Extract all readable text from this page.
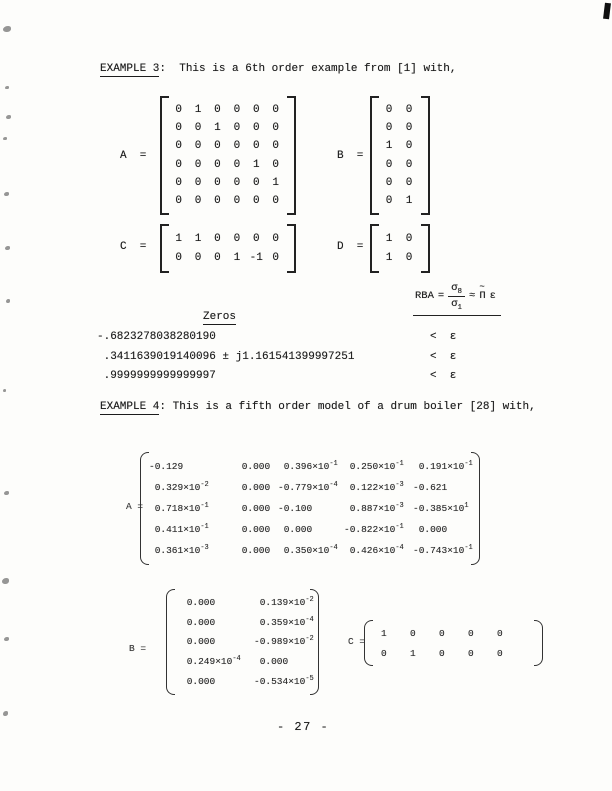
EXAMPLE 3:  This is a 6th order example from [1] with,
A  =
0 1 0 0 0 0
0 0 1 0 0 0
0 0 0 0 0 0
0 0 0 0 1 0
0 0 0 0 0 1
0 0 0 0 0 0
B  =
0 0
0 0
1 0
0 0
0 0
0 1
C  =
1 1 0 0 0 0
0 0 0 1 -1 0
D  =
1 0
1 0
RBA = $\frac{\sigma_8}{\sigma_1} \approx \Pi$
~
ε
Zeros
-.6823278038280190	<  ε
.3411639019140096 ± j1.161541399997251	<  ε
.9999999999999997	<  ε
EXAMPLE 4: This is a fifth order model of a drum boiler [28] with,
A =
-0.129	0.000 $0.396\times 10^{-1}$ $0.250\times 10^{-1}$ $0.191\times 10^{-1}$
$0.329\times 10^{-2}$	0.000 $-0.779\times 10^{-4}$ $0.122\times 10^{-3}$ -0.621
$0.718\times 10^{-1}$	0.000 -0.100	$0.887\times 10^{-3}$ $-0.385\times 10^1$
$0.411\times 10^{-1}$	0.000 0.000	$-0.822\times 10^{-1}$ 0.000
$0.361\times 10^{-3}$	0.000 $0.350\times 10^{-4}$ $0.426\times 10^{-4}$ $-0.743\times 10^{-1}$
B =
0.000	$0.139\times 10^{-2}$
0.000	$0.359\times 10^{-4}$
0.000	$-0.989\times 10^{-2}$
$0.249\times 10^{-4}$ 0.000
0.000	$-0.534\times 10^{-5}$
C =
1 0 0 0 0
0 1 0 0 0
- 27 -
